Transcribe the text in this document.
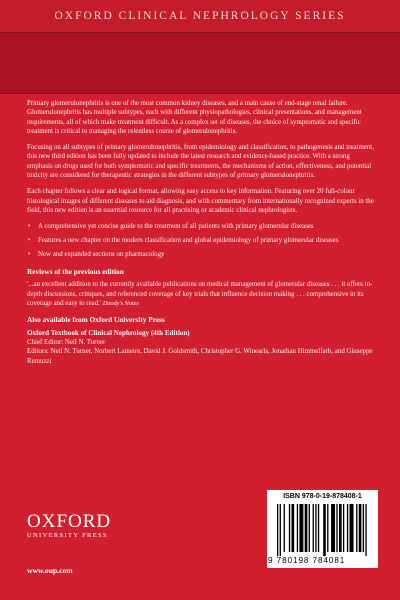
OXFORD CLINICAL NEPHROLOGY SERIES

Primary glomerulonephritis is one of the most common kidney diseases, and a main cause of end-stage renal failure. Glomerulonephritis has multiple subtypes, each with different physiopathologies, clinical presentations, and management requirements, all of which make treatment difficult. As a complex set of diseases, the choice of symptomatic and specific treatment is critical to managing the relentless course of glomerulonephritis.

Focusing on all subtypes of primary glomerulonephritis, from epidemiology and classification, to pathogenesis and treatment, this new third edition has been fully updated to include the latest research and evidence-based practice. With a strong emphasis on drugs used for both symptomatic and specific treatments, the mechanisms of action, effectiveness, and potential toxicity are considered for therapeutic strategies in the different subtypes of primary glomerulonephritis.

Each chapter follows a clear and logical format, allowing easy access to key information. Featuring over 20 full-colour histological images of different diseases to aid diagnosis, and with commentary from internationally recognized experts in the field, this new edition is an essential resource for all practising or academic clinical nephrologists.

• A comprehensive yet concise guide to the treatment of all patients with primary glomerular diseases
• Features a new chapter on the modern classification and global epidemiology of primary glomerular diseases
• New and expanded sections on pharmacology
Reviews of the previous edition

'...an excellent addition to the currently available publications on medical management of glomerular diseases . . . it offers in-depth discussions, critiques, and referenced coverage of key trials that influence decision making . . . comprehensive in its coverage and easy to read.' Doody's Notes

Also available from Oxford University Press
Oxford Textbook of Clinical Nephrology (4th Edition)
Chief Editor: Neil N. Turner
Editors: Neil N. Turner, Norbert Lameire, David J. Goldsmith, Christopher G. Winearls, Jonathan Himmelfarb, and Giuseppe Remuzzi
OXFORD
UNIVERSITY PRESS
www.oup.com
ISBN 978-0-19-878408-1
9 780198 784081
